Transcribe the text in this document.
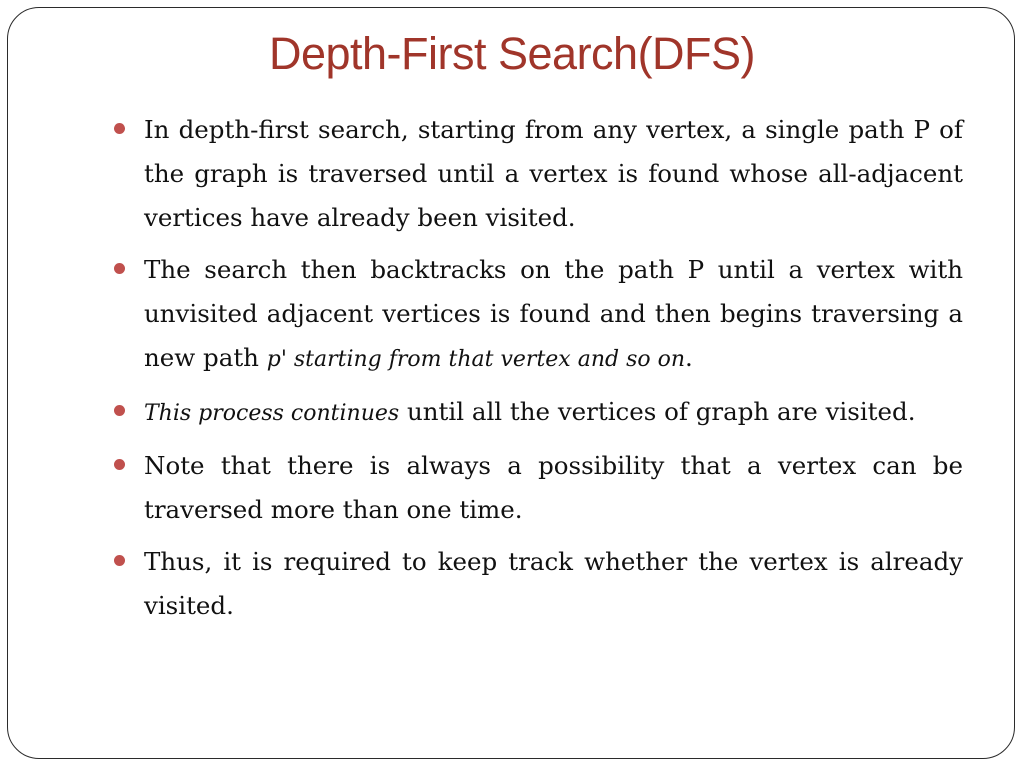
Depth-First Search(DFS)
In depth-first search, starting from any vertex, a single path P of the graph is traversed until a vertex is found whose all-adjacent vertices have already been visited.
The search then backtracks on the path P until a vertex with unvisited adjacent vertices is found and then begins traversing a new path p' starting from that vertex and so on.
This process continues until all the vertices of graph are visited.
Note that there is always a possibility that a vertex can be traversed more than one time.
Thus, it is required to keep track whether the vertex is already visited.
